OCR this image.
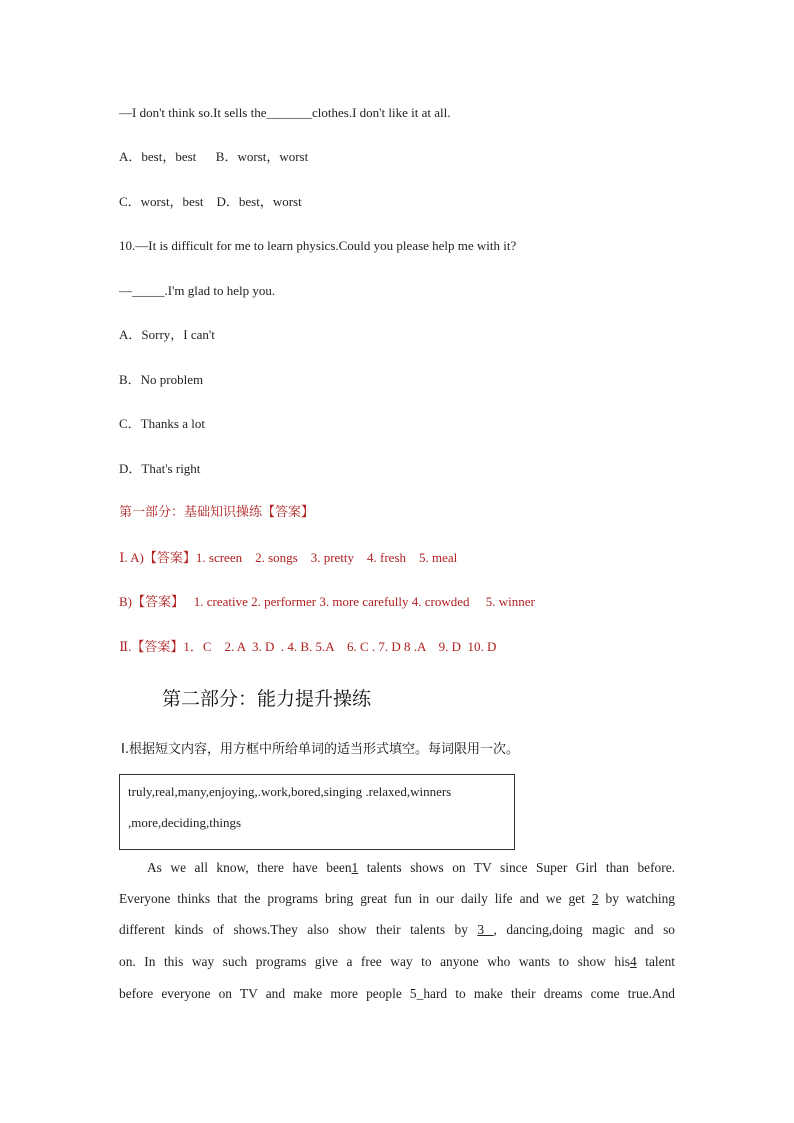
—I don't think so.It sells the_______clothes.I don't like it at all.
A．best，best      B．worst，worst
C．worst，best    D．best，worst
10.—It is difficult for me to learn physics.Could you please help me with it?
—_____.I'm glad to help you.
A．Sorry，I can't
B．No problem
C．Thanks a lot
D．That's right
第一部分：基础知识操练【答案】
Ⅰ. A)【答案】1. screen    2. songs    3. pretty    4. fresh    5. meal
B)【答案】   1. creative 2. performer 3. more carefully 4. crowded     5. winner
Ⅱ.【答案】1．C    2. A  3. D  . 4. B. 5.A    6. C . 7. D 8 .A    9. D  10. D
第二部分：能力提升操练
Ⅰ.根据短文内容，用方框中所给单词的适当形式填空。每词限用一次。
truly,real,many,enjoying,.work,bored,singing .relaxed,winners
,more,deciding,things
As we all know, there have been1 talents shows on TV since Super Girl than before.
Everyone thinks that the programs bring great fun in our daily life and we get 2 by watching
different kinds of shows.They also show their talents by 3 , dancing,doing magic and so
on. In this way such programs give a free way to anyone who wants to show his4 talent
before everyone on TV and make more people 5_hard to make their dreams come true.And
